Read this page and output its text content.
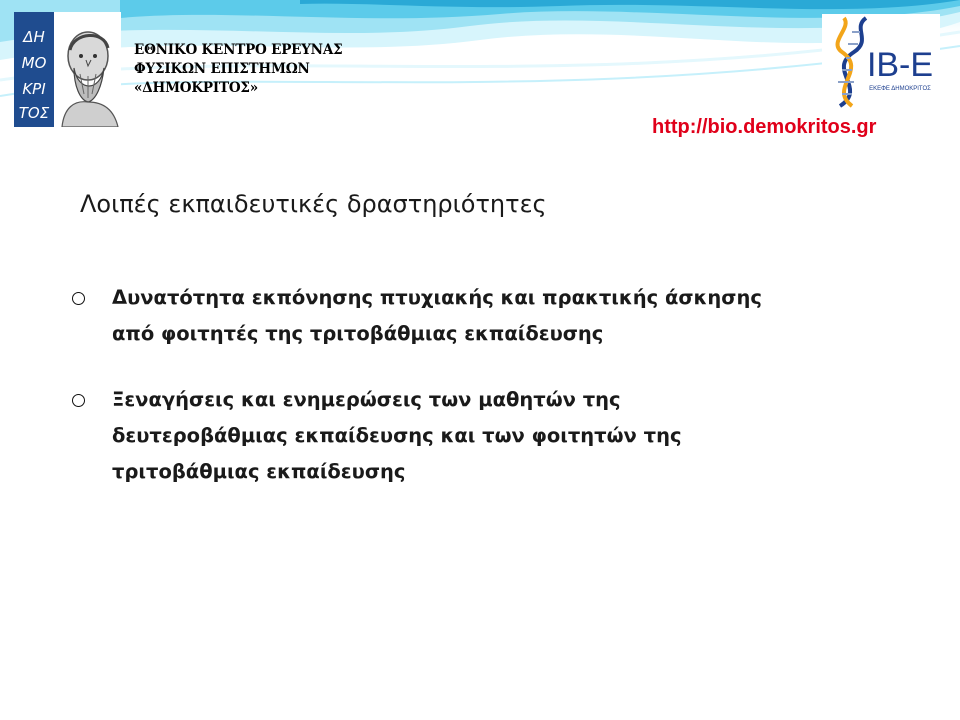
ΔΗ
ΜΟ
ΚΡΙ
ΤΟΣ
ΕΘΝΙΚΟ ΚΕΝΤΡΟ ΕΡΕΥΝΑΣ
ΦΥΣΙΚΩΝ ΕΠΙΣΤΗΜΩΝ
«ΔΗΜΟΚΡΙΤΟΣ»
IB-E
ΕΚΕΦΕ ΔΗΜΟΚΡΙΤΟΣ
http://bio.demokritos.gr
Λοιπές εκπαιδευτικές δραστηριότητες
Δυνατότητα εκπόνησης πτυχιακής και πρακτικής άσκησης
από φοιτητές της τριτοβάθμιας εκπαίδευσης
Ξεναγήσεις και ενημερώσεις των μαθητών της
δευτεροβάθμιας εκπαίδευσης και των φοιτητών της
τριτοβάθμιας εκπαίδευσης
